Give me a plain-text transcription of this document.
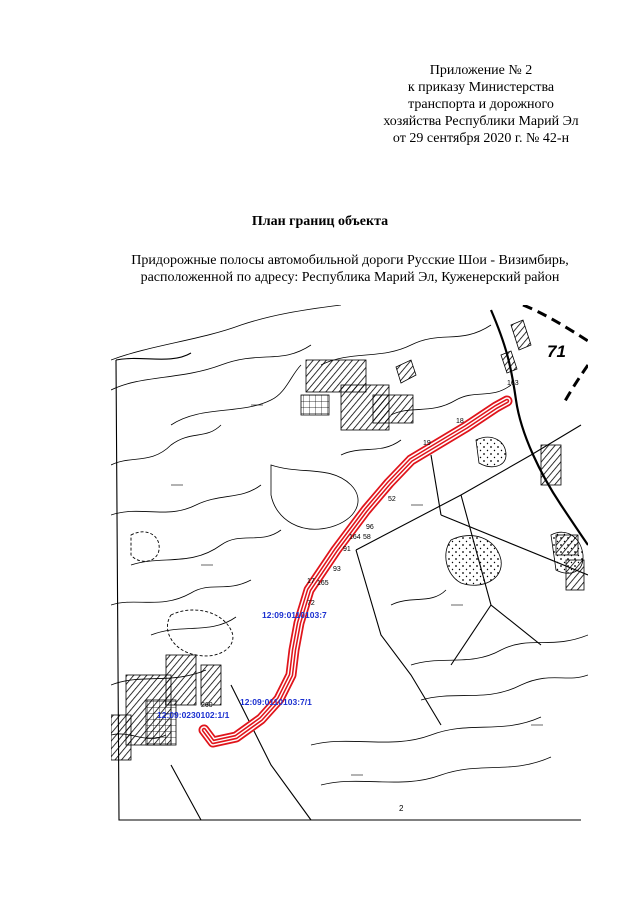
Приложение № 2
к приказу Министерства
транспорта и дорожного
хозяйства Республики Марий Эл
от 29 сентября 2020 г. № 42-н
План границ объекта
Придорожные полосы автомобильной дороги Русские Шои - Визимбирь,
расположенной по адресу: Республика Марий Эл, Куженерский район
71
163
18
19
52
96
164 58
91
93
17 165
72
260
12:09:0110103:7
12:09:0110103:7/1
12:09:0230102:1/1
2
